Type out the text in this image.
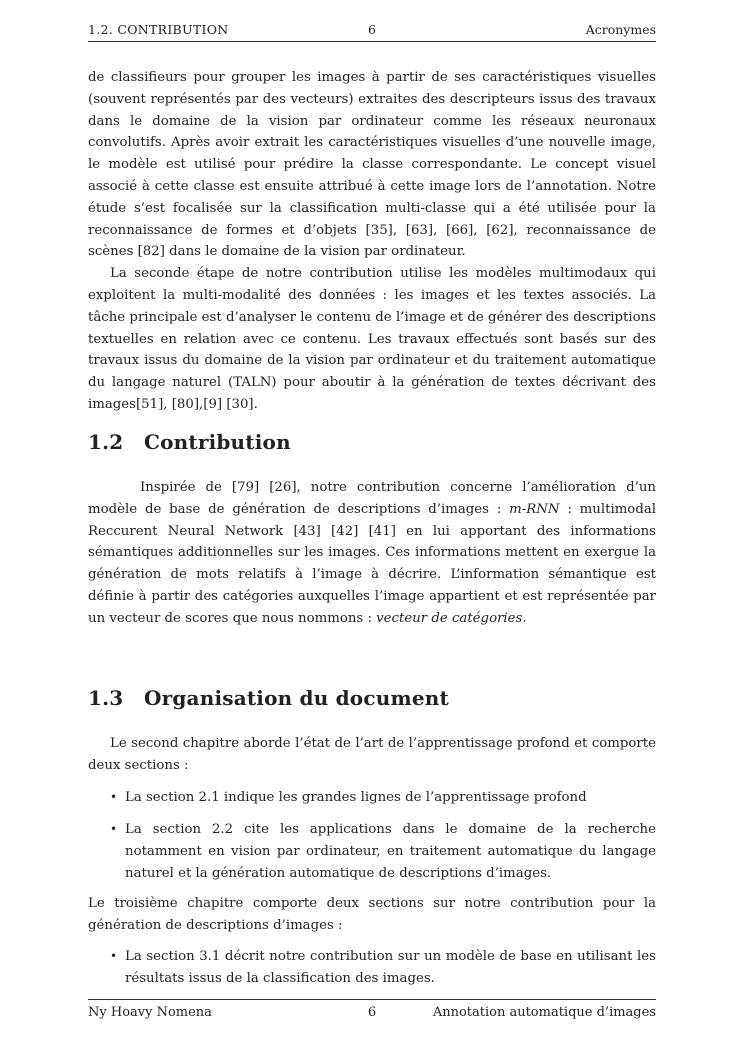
1.2. CONTRIBUTION	6	Acronymes

de classifieurs pour grouper les images à partir de ses caractéristiques visuelles (souvent représentés par des vecteurs) extraites des descripteurs issus des travaux dans le domaine de la vision par ordinateur comme les réseaux neuronaux convolutifs. Après avoir extrait les caractéristiques visuelles d’une nouvelle image, le modèle est utilisé pour prédire la classe correspondante. Le concept visuel associé à cette classe est ensuite attribué à cette image lors de l’annotation. Notre étude s’est focalisée sur la classification multi-classe qui a été utilisée pour la reconnaissance de formes et d’objets [35], [63], [66], [62], reconnaissance de scènes [82] dans le domaine de la vision par ordinateur.

La seconde étape de notre contribution utilise les modèles multimodaux qui exploitent la multi-modalité des données : les images et les textes associés. La tâche principale est d’analyser le contenu de l’image et de générer des descriptions textuelles en relation avec ce contenu. Les travaux effectués sont basés sur des travaux issus du domaine de la vision par ordinateur et du traitement automatique du langage naturel (TALN) pour aboutir à la génération de textes décrivant des images[51], [80],[9] [30].

1.2 Contribution

Inspirée de [79] [26], notre contribution concerne l’amélioration d’un modèle de base de génération de descriptions d’images : m-RNN : multimodal Reccurent Neural Network [43] [42] [41] en lui apportant des informations sémantiques additionnelles sur les images. Ces informations mettent en exergue la génération de mots relatifs à l’image à décrire. L’information sémantique est définie à partir des catégories auxquelles l’image appartient et est représentée par un vecteur de scores que nous nommons : vecteur de catégories.

1.3 Organisation du document

Le second chapitre aborde l’état de l’art de l’apprentissage profond et comporte deux sections :

• La section 2.1 indique les grandes lignes de l’apprentissage profond

• La section 2.2 cite les applications dans le domaine de la recherche notamment en vision par ordinateur, en traitement automatique du langage naturel et la génération automatique de descriptions d’images.

Le troisième chapitre comporte deux sections sur notre contribution pour la génération de descriptions d’images :

• La section 3.1 décrit notre contribution sur un modèle de base en utilisant les résultats issus de la classification des images.

Ny Hoavy Nomena	6	Annotation automatique d’images
